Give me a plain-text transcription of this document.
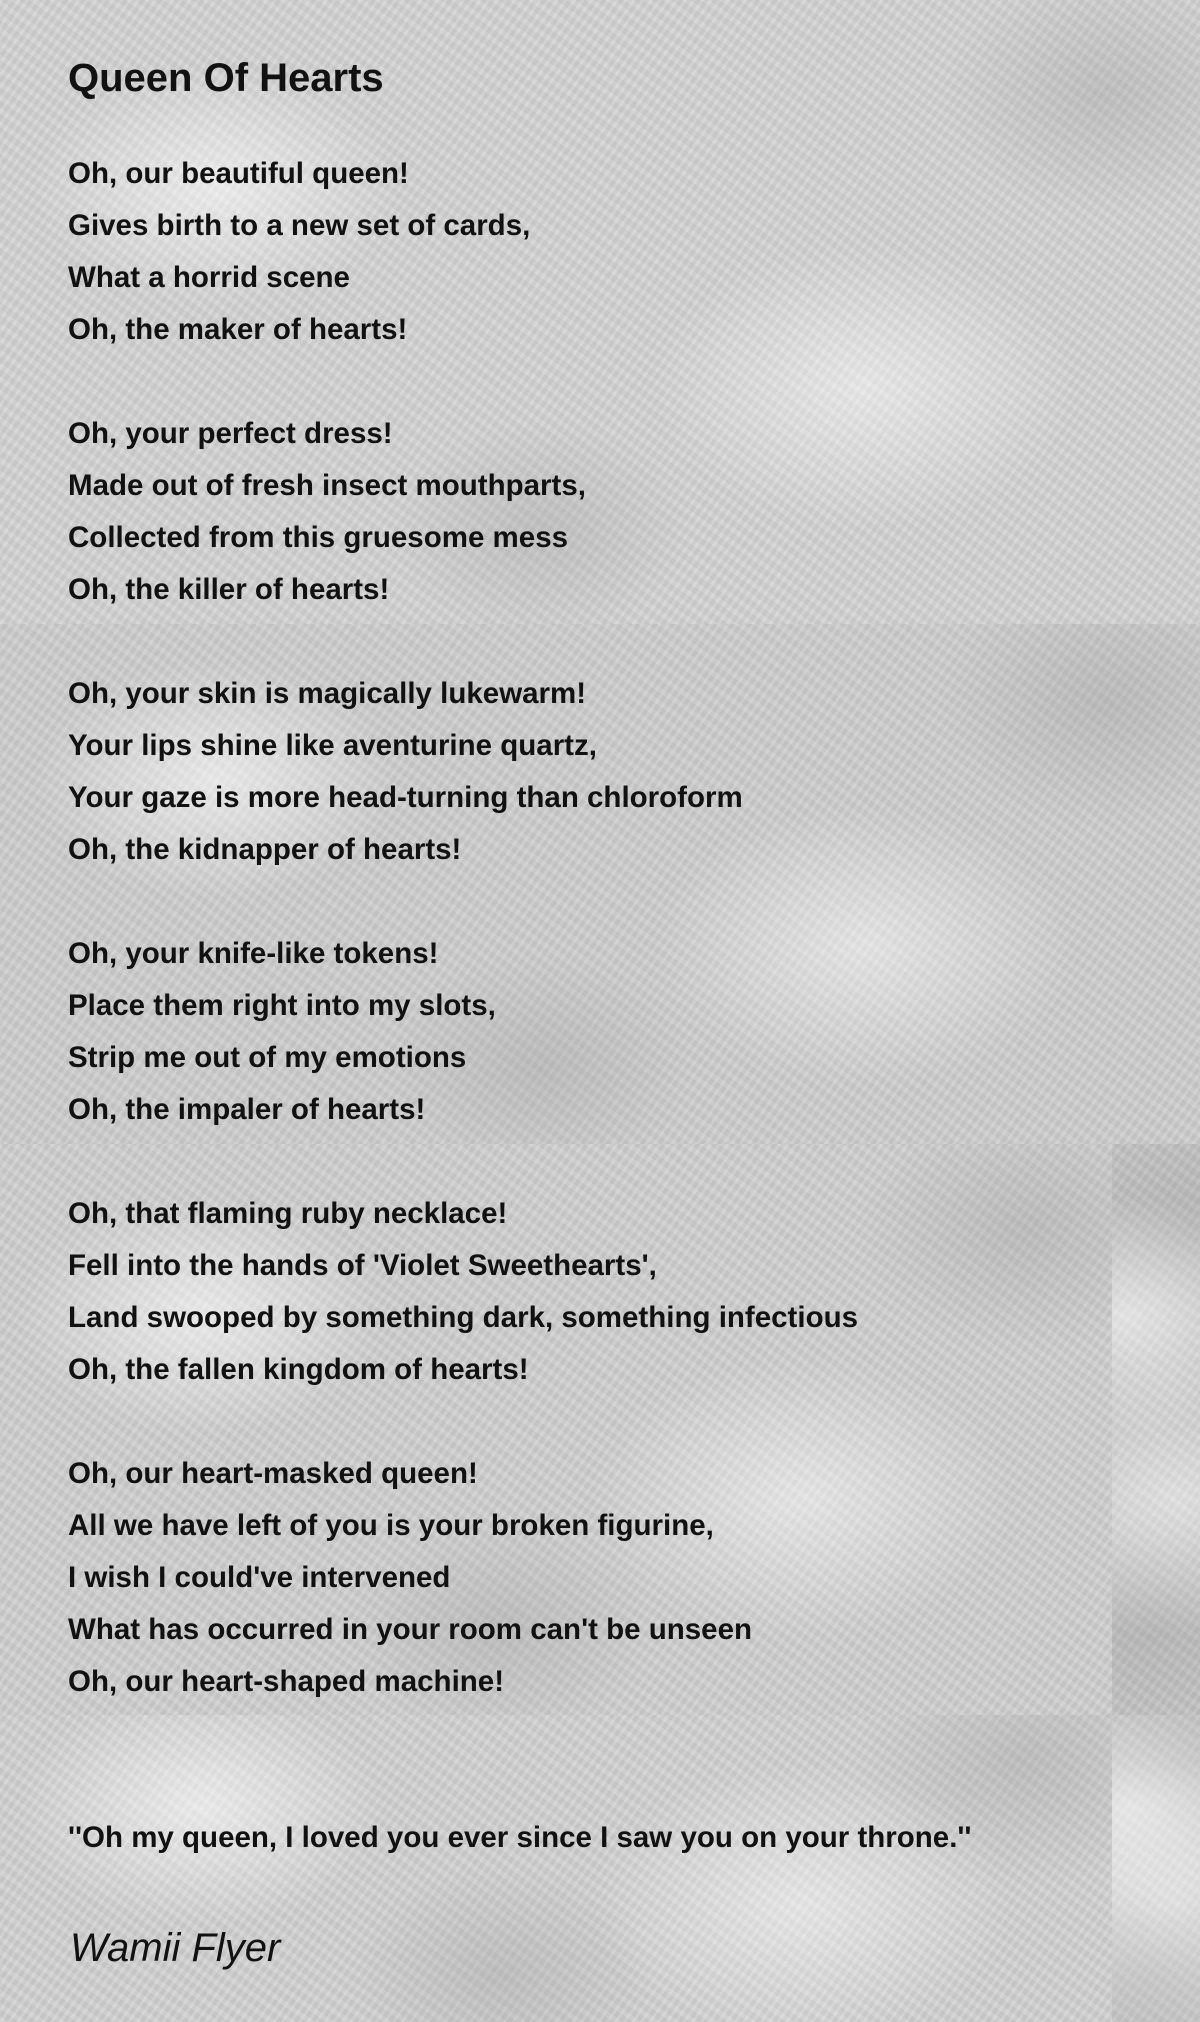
Queen Of Hearts
Oh, our beautiful queen!
Gives birth to a new set of cards,
What a horrid scene
Oh, the maker of hearts!
Oh, your perfect dress!
Made out of fresh insect mouthparts,
Collected from this gruesome mess
Oh, the killer of hearts!
Oh, your skin is magically lukewarm!
Your lips shine like aventurine quartz,
Your gaze is more head-turning than chloroform
Oh, the kidnapper of hearts!
Oh, your knife-like tokens!
Place them right into my slots,
Strip me out of my emotions
Oh, the impaler of hearts!
Oh, that flaming ruby necklace!
Fell into the hands of 'Violet Sweethearts',
Land swooped by something dark, something infectious
Oh, the fallen kingdom of hearts!
Oh, our heart-masked queen!
All we have left of you is your broken figurine,
I wish I could've intervened
What has occurred in your room can't be unseen
Oh, our heart-shaped machine!

''Oh my queen, I loved you ever since I saw you on your throne.''

Wamii Flyer
